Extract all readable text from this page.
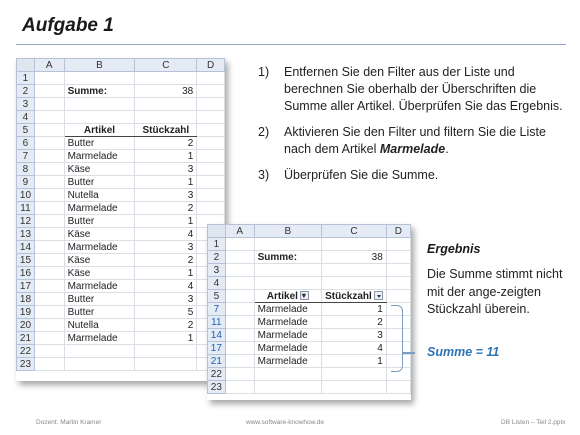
Aufgabe 1
	A	B	C	D
1				
2		Summe:	38	
3				
4				
5		Artikel	Stückzahl	
6		Butter	2	
7		Marmelade	1	
8		Käse	3	
9		Butter	1	
10		Nutella	3	
11		Marmelade	2	
12		Butter	1	
13		Käse	4	
14		Marmelade	3	
15		Käse	2	
16		Käse	1	
17		Marmelade	4	
18		Butter	3	
19		Butter	5	
20		Nutella	2	
21		Marmelade	1	
22				
23				
	A	B	C	D
1				
2		Summe:	38	
3				
4				
5		Artikel▾	Stückzahl	
7		Marmelade	1	
11		Marmelade	2	
14		Marmelade	3	
17		Marmelade	4	
21		Marmelade	1	
22				
23				
1)	Entfernen Sie den Filter aus der Liste und berechnen Sie oberhalb der Überschriften die Summe aller Artikel. Überprüfen Sie das Ergebnis.
2)	Aktivieren Sie den Filter und filtern Sie die Liste nach dem Artikel Marmelade.
3)	Überprüfen Sie die Summe.
Ergebnis
Die Summe stimmt nicht mit der ange-zeigten Stückzahl überein.
Summe = 11
Dozent: Martin Kramer	www.software-knowhow.de	DB Listen – Teil 2.pptx
